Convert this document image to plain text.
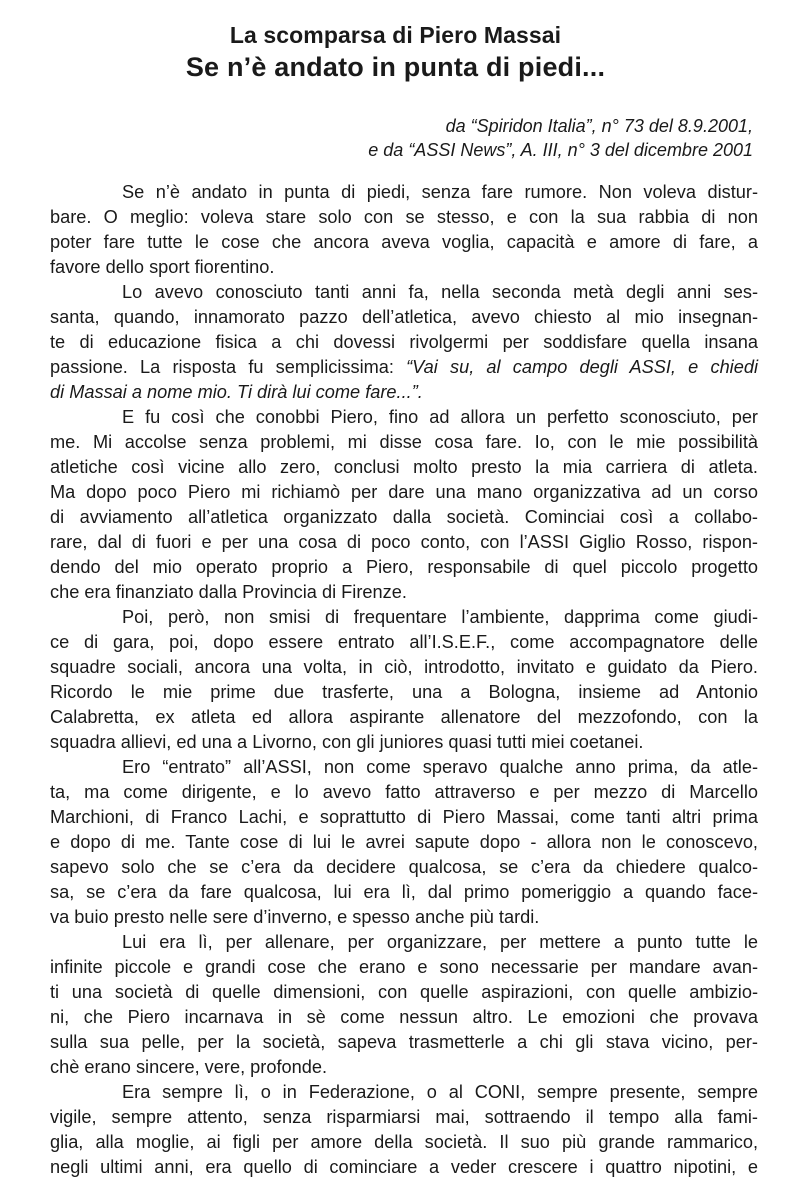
La scomparsa di Piero Massai
Se n’è andato in punta di piedi...
da “Spiridon Italia”, n° 73 del 8.9.2001,
e da “ASSI News”, A. III, n° 3 del dicembre 2001
Se n’è andato in punta di piedi, senza fare rumore. Non voleva distur-
bare. O meglio: voleva stare solo con se stesso, e con la sua rabbia di non
poter fare tutte le cose che ancora aveva voglia, capacità e amore di fare, a
favore dello sport fiorentino.
Lo avevo conosciuto tanti anni fa, nella seconda metà degli anni ses-
santa, quando, innamorato pazzo dell’atletica, avevo chiesto al mio insegnan-
te di educazione fisica a chi dovessi rivolgermi per soddisfare quella insana
passione. La risposta fu semplicissima: “Vai su, al campo degli ASSI, e chiedi
di Massai a nome mio. Ti dirà lui come fare...”.
E fu così che conobbi Piero, fino ad allora un perfetto sconosciuto, per
me. Mi accolse senza problemi, mi disse cosa fare. Io, con le mie possibilità
atletiche così vicine allo zero, conclusi molto presto la mia carriera di atleta.
Ma dopo poco Piero mi richiamò per dare una mano organizzativa ad un corso
di avviamento all’atletica organizzato dalla società. Cominciai così a collabo-
rare, dal di fuori e per una cosa di poco conto, con l’ASSI Giglio Rosso, rispon-
dendo del mio operato proprio a Piero, responsabile di quel piccolo progetto
che era finanziato dalla Provincia di Firenze.
Poi, però, non smisi di frequentare l’ambiente, dapprima come giudi-
ce di gara, poi, dopo essere entrato all’I.S.E.F., come accompagnatore delle
squadre sociali, ancora una volta, in ciò, introdotto, invitato e guidato da Piero.
Ricordo le mie prime due trasferte, una a Bologna, insieme ad Antonio
Calabretta, ex atleta ed allora aspirante allenatore del mezzofondo, con la
squadra allievi, ed una a Livorno, con gli juniores quasi tutti miei coetanei.
Ero “entrato” all’ASSI, non come speravo qualche anno prima, da atle-
ta, ma come dirigente, e lo avevo fatto attraverso e per mezzo di Marcello
Marchioni, di Franco Lachi, e soprattutto di Piero Massai, come tanti altri prima
e dopo di me. Tante cose di lui le avrei sapute dopo - allora non le conoscevo,
sapevo solo che se c’era da decidere qualcosa, se c’era da chiedere qualco-
sa, se c’era da fare qualcosa, lui era lì, dal primo pomeriggio a quando face-
va buio presto nelle sere d’inverno, e spesso anche più tardi.
Lui era lì, per allenare, per organizzare, per mettere a punto tutte le
infinite piccole e grandi cose che erano e sono necessarie per mandare avan-
ti una società di quelle dimensioni, con quelle aspirazioni, con quelle ambizio-
ni, che Piero incarnava in sè come nessun altro. Le emozioni che provava
sulla sua pelle, per la società, sapeva trasmetterle a chi gli stava vicino, per-
chè erano sincere, vere, profonde.
Era sempre lì, o in Federazione, o al CONI, sempre presente, sempre
vigile, sempre attento, senza risparmiarsi mai, sottraendo il tempo alla fami-
glia, alla moglie, ai figli per amore della società. Il suo più grande rammarico,
negli ultimi anni, era quello di cominciare a veder crescere i quattro nipotini, e
